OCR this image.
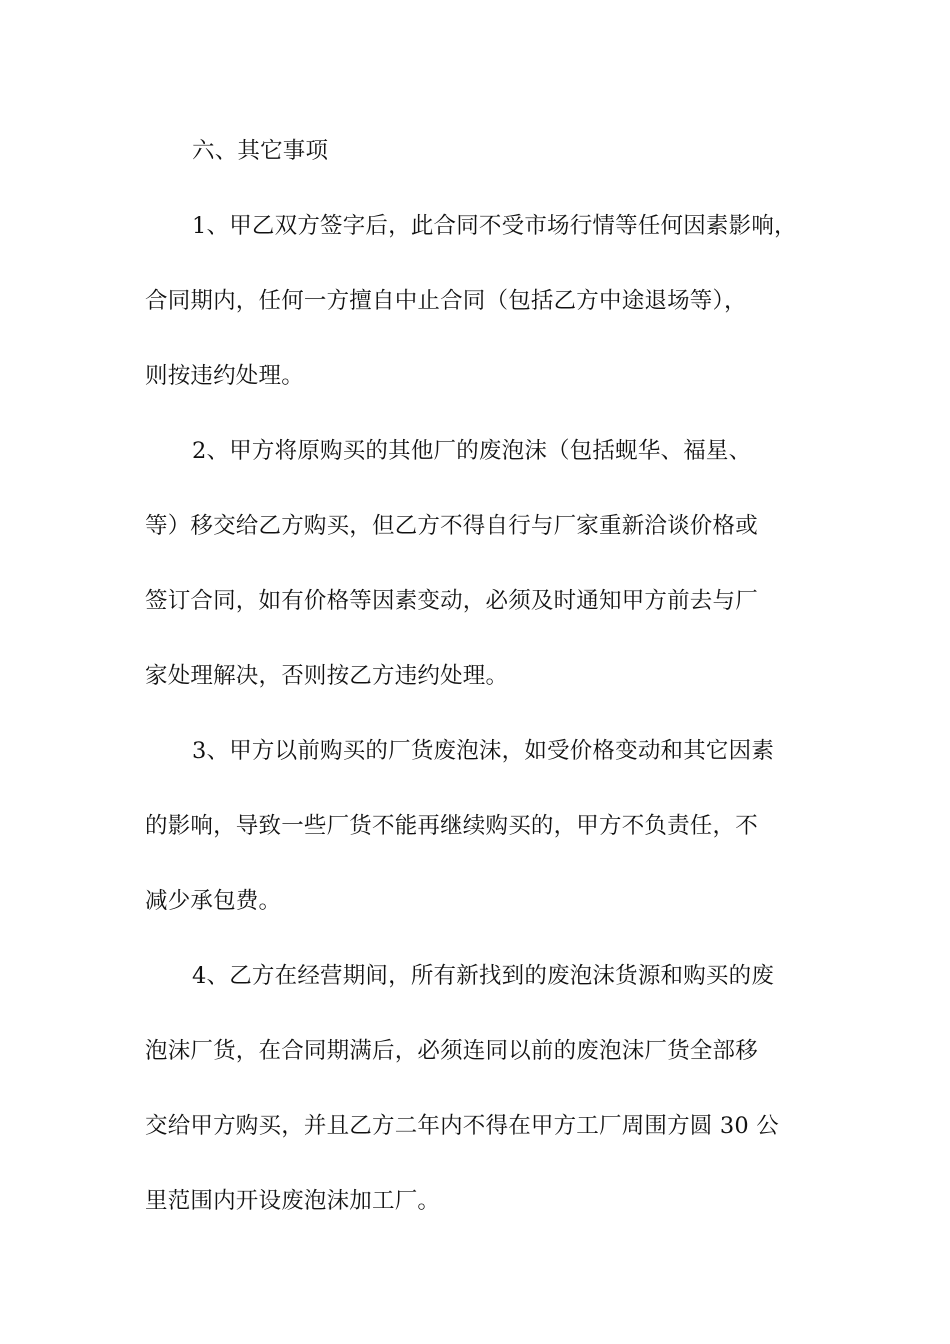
六、其它事项
1、甲乙双方签字后，此合同不受市场行情等任何因素影响，
合同期内，任何一方擅自中止合同（包括乙方中途退场等），
则按违约处理。
2、甲方将原购买的其他厂的废泡沫（包括蚬华、福星、
等）移交给乙方购买，但乙方不得自行与厂家重新洽谈价格或
签订合同，如有价格等因素变动，必须及时通知甲方前去与厂
家处理解决，否则按乙方违约处理。
3、甲方以前购买的厂货废泡沫，如受价格变动和其它因素
的影响，导致一些厂货不能再继续购买的，甲方不负责任，不
减少承包费。
4、乙方在经营期间，所有新找到的废泡沫货源和购买的废
泡沫厂货，在合同期满后，必须连同以前的废泡沫厂货全部移
交给甲方购买，并且乙方二年内不得在甲方工厂周围方圆 30 公
里范围内开设废泡沫加工厂。
